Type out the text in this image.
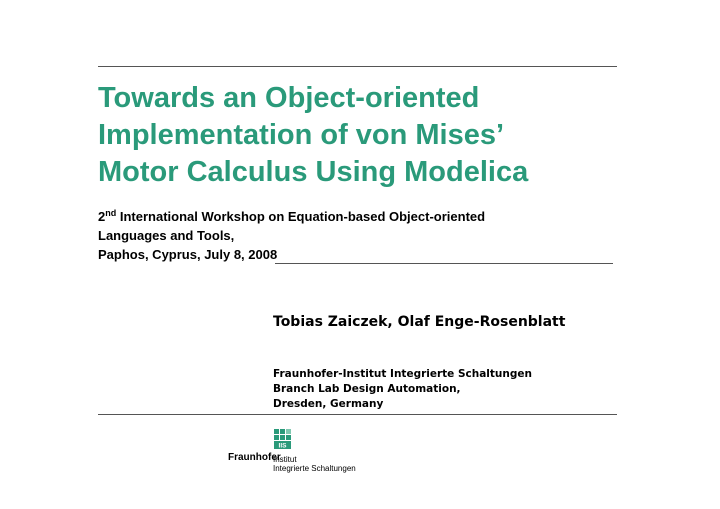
Towards an Object-oriented
Implementation of von Mises’
Motor Calculus Using Modelica
2nd International Workshop on Equation-based Object-oriented
Languages and Tools,
Paphos, Cyprus, July 8, 2008
Tobias Zaiczek, Olaf Enge-Rosenblatt
Fraunhofer-Institut Integrierte Schaltungen
Branch Lab Design Automation,
Dresden, Germany
IIS
Fraunhofer
Institut
Integrierte Schaltungen
